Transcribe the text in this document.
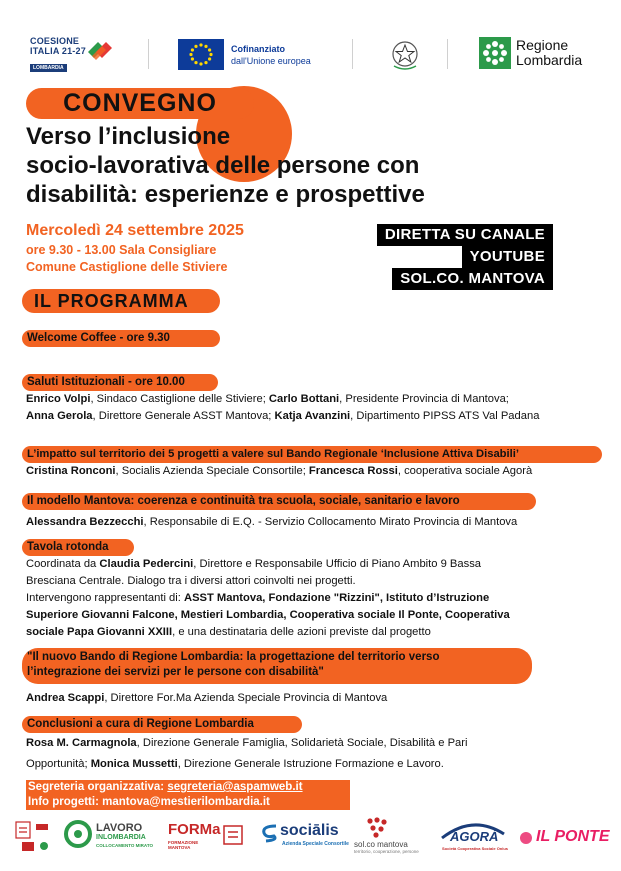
COESIONE
ITALIA 21-27
LOMBARDIA
Cofinanziato
dall'Unione europea
Regione
Lombardia
CONVEGNO
Verso l’inclusione
socio-lavorativa delle persone con
disabilità: esperienze e prospettive
Mercoledì 24 settembre 2025
ore 9.30 - 13.00 Sala Consigliare
Comune Castiglione delle Stiviere
DIRETTA SU CANALE
YOUTUBE
SOL.CO. MANTOVA
IL PROGRAMMA
Welcome Coffee - ore 9.30
Saluti Istituzionali - ore 10.00
Enrico Volpi, Sindaco Castiglione delle Stiviere; Carlo Bottani, Presidente Provincia di Mantova;
Anna Gerola, Direttore Generale ASST Mantova; Katja Avanzini, Dipartimento PIPSS ATS Val Padana
L’impatto sul territorio dei 5 progetti a valere sul Bando Regionale ‘Inclusione Attiva Disabili’
Cristina Ronconi, Socialis Azienda Speciale Consortile; Francesca Rossi, cooperativa sociale Agorà
Il modello Mantova: coerenza e continuità tra scuola, sociale, sanitario e lavoro
Alessandra Bezzecchi, Responsabile di E.Q. - Servizio Collocamento Mirato Provincia di Mantova
Tavola rotonda
Coordinata da Claudia Pedercini, Direttore e Responsabile Ufficio di Piano Ambito 9 Bassa
Bresciana Centrale. Dialogo tra i diversi attori coinvolti nei progetti.
Intervengono rappresentanti di: ASST Mantova, Fondazione "Rizzini", Istituto d’Istruzione
Superiore Giovanni Falcone, Mestieri Lombardia, Cooperativa sociale Il Ponte, Cooperativa
sociale Papa Giovanni XXIII, e una destinataria delle azioni previste dal progetto
"Il nuovo Bando di Regione Lombardia: la progettazione del territorio verso
l’integrazione dei servizi per le persone con disabilità"
Andrea Scappi, Direttore For.Ma Azienda Speciale Provincia di Mantova
Conclusioni a cura di Regione Lombardia
Rosa M. Carmagnola, Direzione Generale Famiglia, Solidarietà Sociale, Disabilità e Pari
Opportunità; Monica Mussetti, Direzione Generale Istruzione Formazione e Lavoro.
Segreteria organizzativa: segreteria@aspamweb.it
Info progetti: mantova@mestierilombardia.it
LAVORO
INLOMBARDIA
COLLOCAMENTO MIRATO
FORMa
FORMAZIONE MANTOVA
sociālis
Azienda Speciale Consortile sol.co mantova
territorio, cooperazione, persone
AGORÁ
Società Cooperativa Sociale Onlus
IL PONTE
